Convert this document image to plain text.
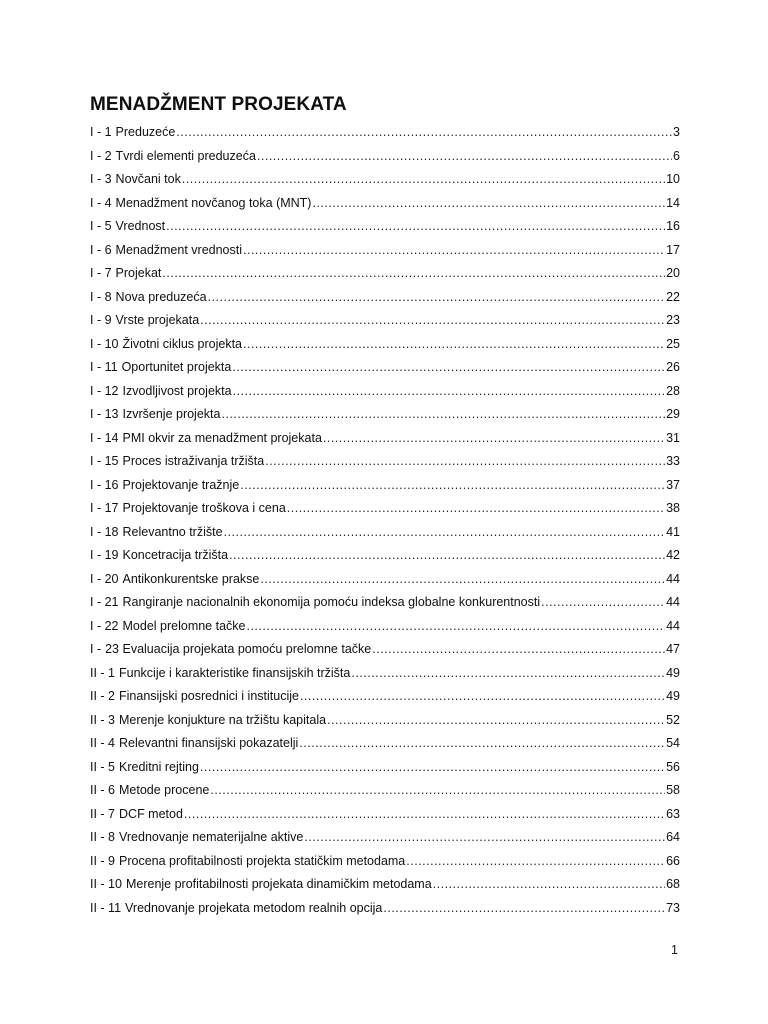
MENADŽMENT PROJEKATA
I - 1 Preduzeće .....	3
I - 2 Tvrdi elementi preduzeća .....	6
I - 3 Novčani tok .....	10
I - 4 Menadžment novčanog toka (MNT) .....	14
I - 5 Vrednost .....	16
I - 6 Menadžment vrednosti .....	17
I - 7 Projekat .....	20
I - 8 Nova preduzeća .....	22
I - 9 Vrste projekata .....	23
I - 10 Životni ciklus projekta .....	25
I - 11 Oportunitet projekta .....	26
I - 12 Izvodljivost projekta .....	28
I - 13 Izvršenje projekta .....	29
I - 14 PMI okvir za menadžment projekata .....	31
I - 15 Proces istraživanja tržišta .....	33
I - 16 Projektovanje tražnje .....	37
I - 17 Projektovanje troškova i cena .....	38
I - 18 Relevantno tržište .....	41
I - 19 Koncetracija tržišta .....	42
I - 20 Antikonkurentske prakse .....	44
I - 21 Rangiranje nacionalnih ekonomija pomoću indeksa globalne konkurentnosti .....	44
I - 22 Model prelomne tačke .....	44
I - 23 Evaluacija projekata pomoću prelomne tačke .....	47
II - 1 Funkcije i karakteristike finansijskih tržišta .....	49
II - 2 Finansijski posrednici i institucije .....	49
II - 3 Merenje konjukture na tržištu kapitala .....	52
II - 4 Relevantni finansijski pokazatelji .....	54
II - 5 Kreditni rejting .....	56
II - 6 Metode procene .....	58
II - 7 DCF metod .....	63
II - 8 Vrednovanje nematerijalne aktive .....	64
II - 9 Procena profitabilnosti projekta statičkim metodama .....	66
II - 10 Merenje profitabilnosti projekata dinamičkim metodama .....	68
II - 11 Vrednovanje projekata metodom realnih opcija .....	73
1
